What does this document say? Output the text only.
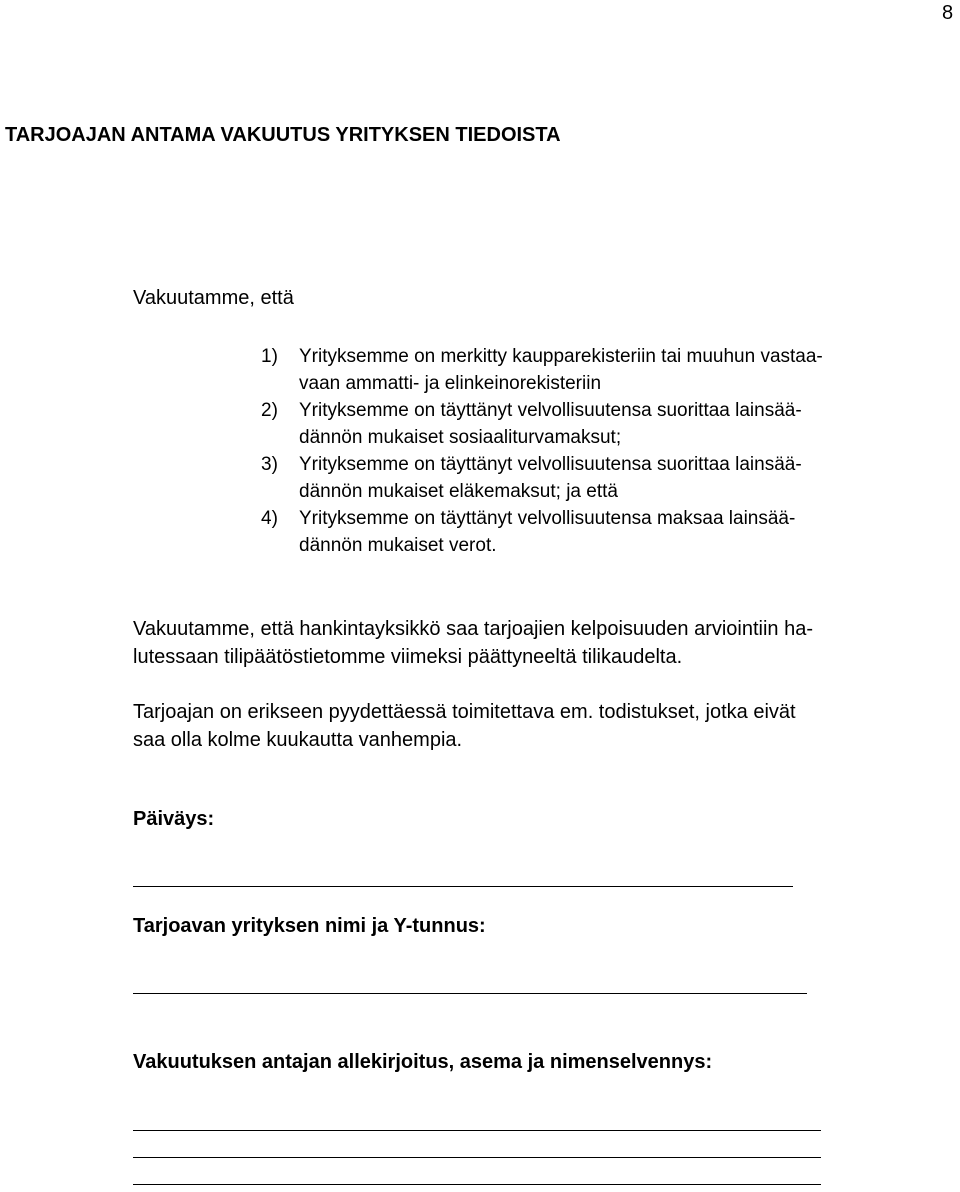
8
TARJOAJAN ANTAMA VAKUUTUS YRITYKSEN TIEDOISTA

Vakuutamme, että

1) Yrityksemme on merkitty kaupparekisteriin tai muuhun vastaa-
vaan ammatti- ja elinkeinorekisteriin
2) Yrityksemme on täyttänyt velvollisuutensa suorittaa lainsää-
dännön mukaiset sosiaaliturvamaksut;
3) Yrityksemme on täyttänyt velvollisuutensa suorittaa lainsää-
dännön mukaiset eläkemaksut; ja että
4) Yrityksemme on täyttänyt velvollisuutensa maksaa lainsää-
dännön mukaiset verot.

Vakuutamme, että hankintayksikkö saa tarjoajien kelpoisuuden arviointiin ha-
lutessaan tilipäätöstietomme viimeksi päättyneeltä tilikaudelta.

Tarjoajan on erikseen pyydettäessä toimitettava em. todistukset, jotka eivät
saa olla kolme kuukautta vanhempia.

Päiväys:
Tarjoavan yrityksen nimi ja Y-tunnus:
Vakuutuksen antajan allekirjoitus, asema ja nimenselvennys:
